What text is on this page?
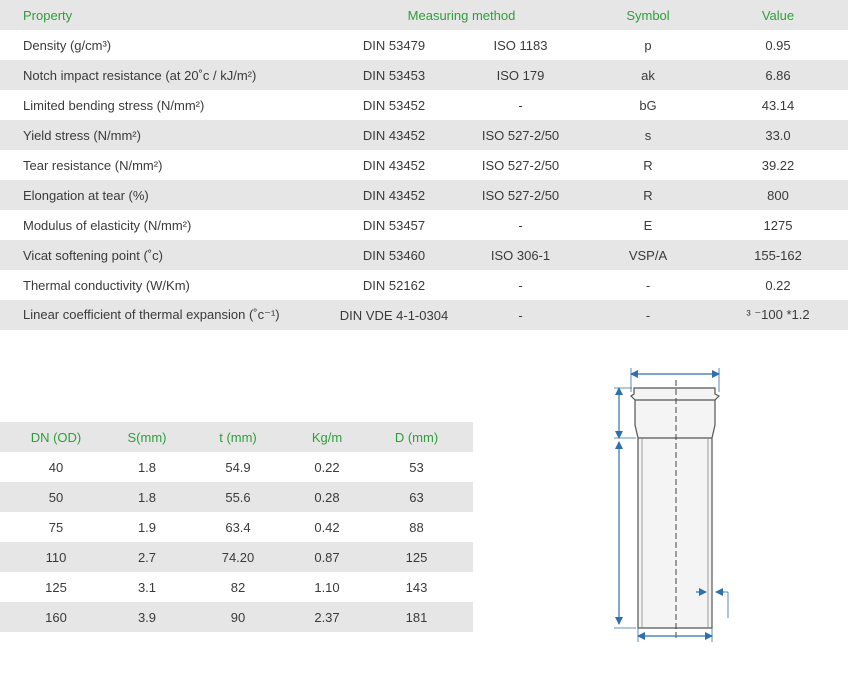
Property	Measuring method		Symbol	Value
Density (g/cm³)	DIN 53479	ISO 1183	p	0.95
Notch impact resistance (at 20˚c / kJ/m²)	DIN 53453	ISO 179	ak	6.86
Limited bending stress (N/mm²)	DIN 53452	-	bG	43.14
Yield stress (N/mm²)	DIN 43452	ISO 527-2/50	s	33.0
Tear resistance (N/mm²)	DIN 43452	ISO 527-2/50	R	39.22
Elongation at tear (%)	DIN 43452	ISO 527-2/50	R	800
Modulus of elasticity (N/mm²)	DIN 53457	-	E	1275
Vicat softening point (˚c)	DIN 53460	ISO 306-1	VSP/A	155-162
Thermal conductivity (W/Km)	DIN 52162	-	-	0.22
Linear coefficient of thermal expansion (˚c⁻¹)	DIN VDE 4-1-0304	-	-	³ ⁻100 *1.2
DN (OD)	S(mm)	t (mm)	Kg/m	D (mm)
40	1.8	54.9	0.22	53
50	1.8	55.6	0.28	63
75	1.9	63.4	0.42	88
110	2.7	74.20	0.87	125
125	3.1	82	1.10	143
160	3.9	90	2.37	181
